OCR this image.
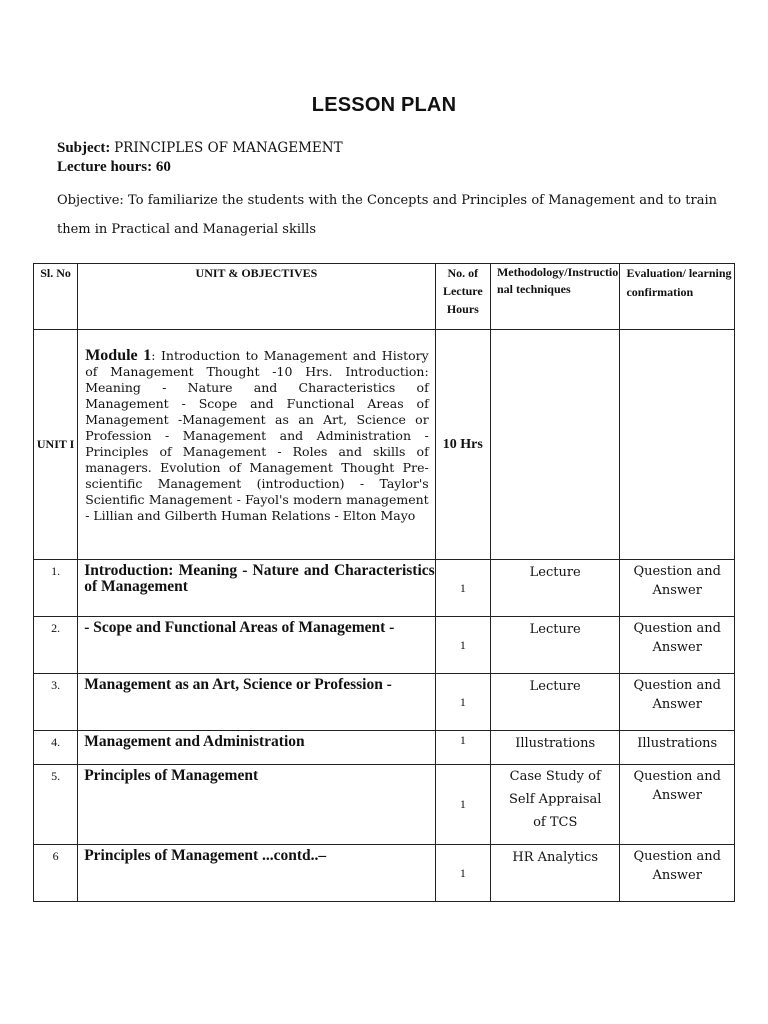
LESSON PLAN
Subject: PRINCIPLES OF MANAGEMENT
Lecture hours: 60
Objective: To familiarize the students with the Concepts and Principles of Management and to train them in Practical and Managerial skills
Sl. No	UNIT & OBJECTIVES	No. of Lecture Hours	Methodology/Instructional techniques	Evaluation/ learning confirmation
UNIT I	Module 1: Introduction to Management and History of Management Thought -10 Hrs. Introduction: Meaning - Nature and Characteristics of Management - Scope and Functional Areas of Management -Management as an Art, Science or Profession - Management and Administration - Principles of Management - Roles and skills of managers. Evolution of Management Thought Pre-scientific Management (introduction) - Taylor's Scientific Management - Fayol's modern management - Lillian and Gilberth Human Relations - Elton Mayo	10 Hrs		
1.	Introduction: Meaning - Nature and Characteristics of Management	1	Lecture	Question and Answer
2.	- Scope and Functional Areas of Management -	1	Lecture	Question and Answer
3.	Management as an Art, Science or Profession -	1	Lecture	Question and Answer
4.	Management and Administration	1	Illustrations	Illustrations
5.	Principles of Management	1	Case Study of Self Appraisal of TCS	Question and Answer
6	Principles of Management ...contd..–	1	HR Analytics	Question and Answer
